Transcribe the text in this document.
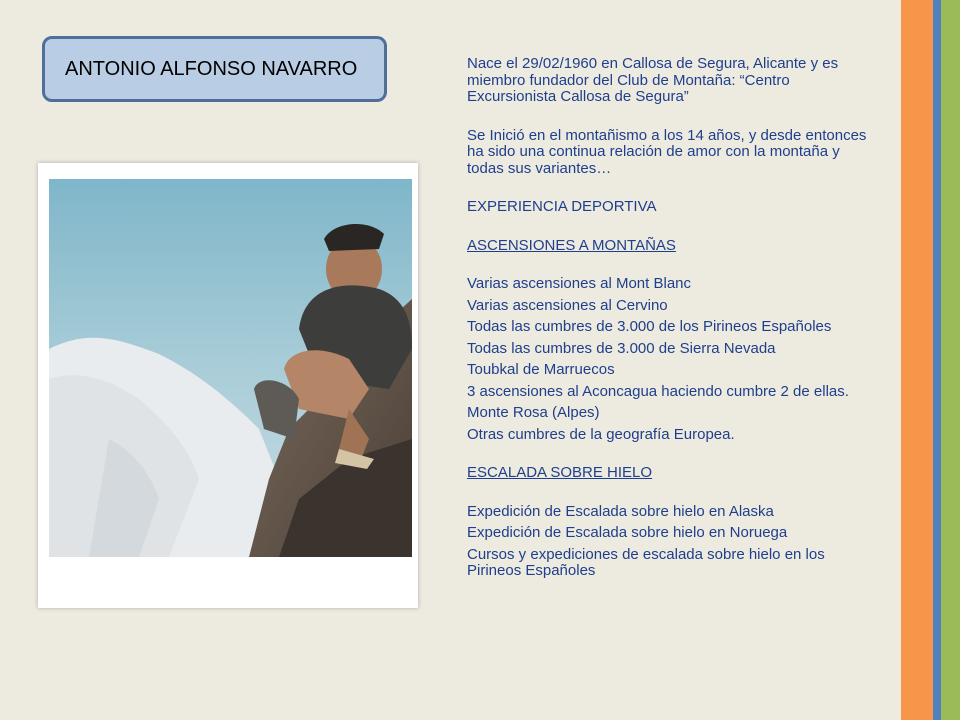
ANTONIO ALFONSO NAVARRO	Nace el 29/02/1960 en Callosa de Segura, Alicante y es miembro fundador del Club de Montaña: “Centro Excursionista Callosa de Segura”

Se Inició en el montañismo a los 14 años, y desde entonces ha sido una continua relación de amor con la montaña y todas sus variantes…

EXPERIENCIA DEPORTIVA

ASCENSIONES A MONTAÑAS

Varias ascensiones al Mont Blanc

Varias ascensiones al Cervino

Todas las cumbres de 3.000 de los Pirineos Españoles

Todas las cumbres de 3.000 de Sierra Nevada

Toubkal de Marruecos

3 ascensiones al Aconcagua haciendo cumbre 2 de ellas.

Monte Rosa (Alpes)

Otras cumbres de la geografía Europea.

ESCALADA SOBRE HIELO

Expedición de Escalada sobre hielo en Alaska

Expedición de Escalada sobre hielo en Noruega

Cursos y expediciones de escalada sobre hielo en los Pirineos Españoles
